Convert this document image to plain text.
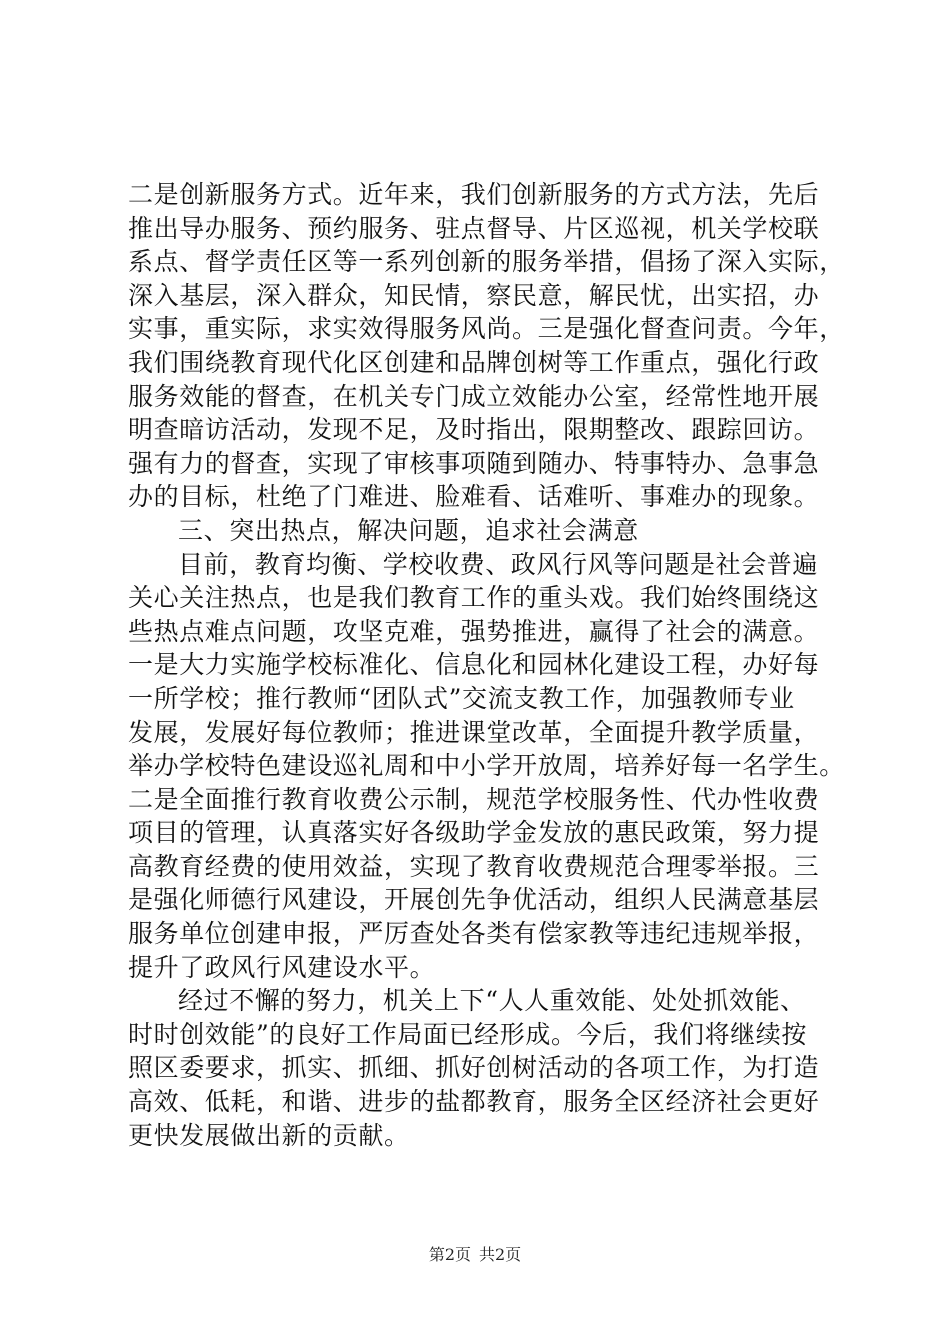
二是创新服务方式。近年来，我们创新服务的方式方法，先后
推出导办服务、预约服务、驻点督导、片区巡视，机关学校联
系点、督学责任区等一系列创新的服务举措，倡扬了深入实际，
深入基层，深入群众，知民情，察民意，解民忧，出实招，办
实事，重实际，求实效得服务风尚。三是强化督查问责。今年，
我们围绕教育现代化区创建和品牌创树等工作重点，强化行政
服务效能的督查，在机关专门成立效能办公室，经常性地开展
明查暗访活动，发现不足，及时指出，限期整改、跟踪回访。
强有力的督查，实现了审核事项随到随办、特事特办、急事急
办的目标，杜绝了门难进、脸难看、话难听、事难办的现象。
三、突出热点，解决问题，追求社会满意
目前，教育均衡、学校收费、政风行风等问题是社会普遍
关心关注热点，也是我们教育工作的重头戏。我们始终围绕这
些热点难点问题，攻坚克难，强势推进，赢得了社会的满意。
一是大力实施学校标准化、信息化和园林化建设工程，办好每
一所学校；推行教师“团队式”交流支教工作，加强教师专业
发展，发展好每位教师；推进课堂改革，全面提升教学质量，
举办学校特色建设巡礼周和中小学开放周，培养好每一名学生。
二是全面推行教育收费公示制，规范学校服务性、代办性收费
项目的管理，认真落实好各级助学金发放的惠民政策，努力提
高教育经费的使用效益，实现了教育收费规范合理零举报。三
是强化师德行风建设，开展创先争优活动，组织人民满意基层
服务单位创建申报，严厉查处各类有偿家教等违纪违规举报，
提升了政风行风建设水平。
经过不懈的努力，机关上下“人人重效能、处处抓效能、
时时创效能”的良好工作局面已经形成。今后，我们将继续按
照区委要求，抓实、抓细、抓好创树活动的各项工作，为打造
高效、低耗，和谐、进步的盐都教育，服务全区经济社会更好
更快发展做出新的贡献。
第2页 共2页
